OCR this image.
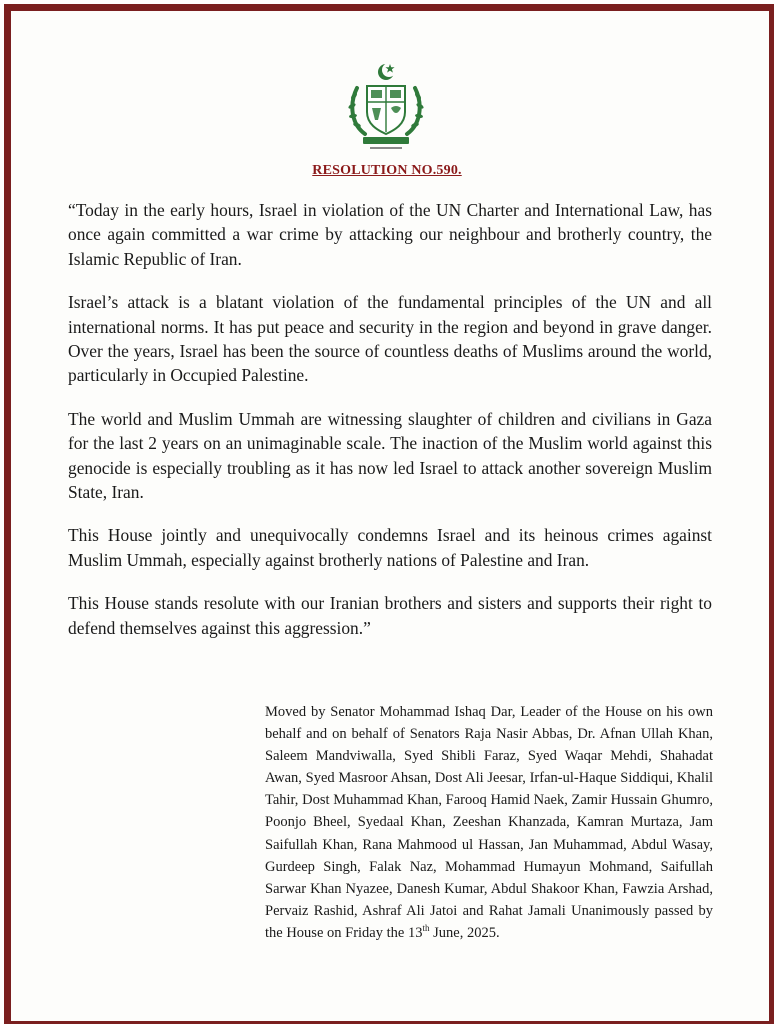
RESOLUTION NO.590.

“Today in the early hours, Israel in violation of the UN Charter and International Law, has once again committed a war crime by attacking our neighbour and brotherly country, the Islamic Republic of Iran.

Israel’s attack is a blatant violation of the fundamental principles of the UN and all international norms. It has put peace and security in the region and beyond in grave danger. Over the years, Israel has been the source of countless deaths of Muslims around the world, particularly in Occupied Palestine.

The world and Muslim Ummah are witnessing slaughter of children and civilians in Gaza for the last 2 years on an unimaginable scale. The inaction of the Muslim world against this genocide is especially troubling as it has now led Israel to attack another sovereign Muslim State, Iran.

This House jointly and unequivocally condemns Israel and its heinous crimes against Muslim Ummah, especially against brotherly nations of Palestine and Iran.

This House stands resolute with our Iranian brothers and sisters and supports their right to defend themselves against this aggression.”

Moved by Senator Mohammad Ishaq Dar, Leader of the House on his own behalf and on behalf of Senators Raja Nasir Abbas, Dr. Afnan Ullah Khan, Saleem Mandviwalla, Syed Shibli Faraz, Syed Waqar Mehdi, Shahadat Awan, Syed Masroor Ahsan, Dost Ali Jeesar, Irfan-ul-Haque Siddiqui, Khalil Tahir, Dost Muhammad Khan, Farooq Hamid Naek, Zamir Hussain Ghumro, Poonjo Bheel, Syedaal Khan, Zeeshan Khanzada, Kamran Murtaza, Jam Saifullah Khan, Rana Mahmood ul Hassan, Jan Muhammad, Abdul Wasay, Gurdeep Singh, Falak Naz, Mohammad Humayun Mohmand, Saifullah Sarwar Khan Nyazee, Danesh Kumar, Abdul Shakoor Khan, Fawzia Arshad, Pervaiz Rashid, Ashraf Ali Jatoi and Rahat Jamali Unanimously passed by the House on Friday the 13th June, 2025.
